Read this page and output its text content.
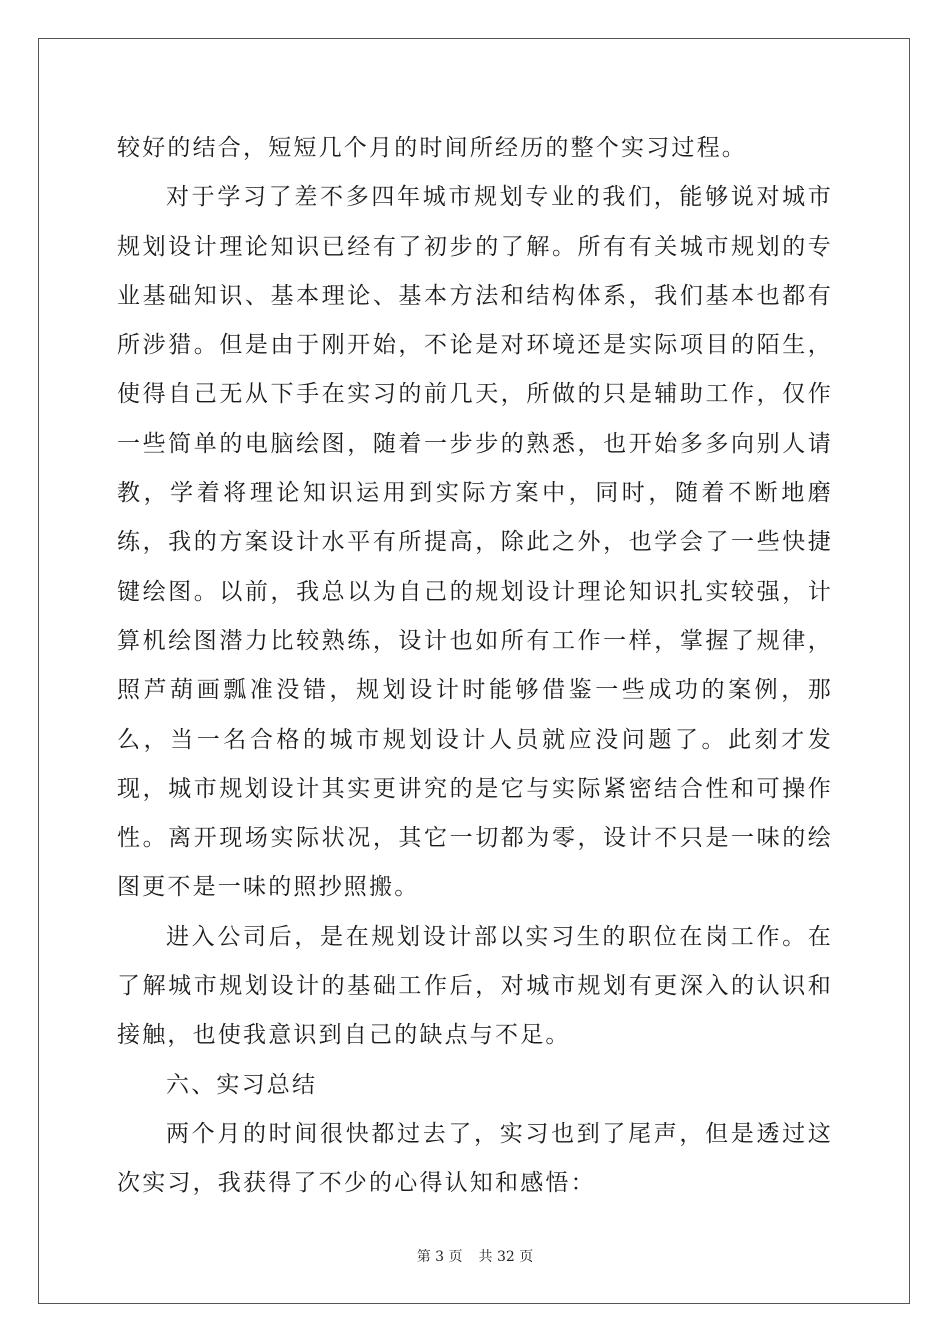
较好的结合，短短几个月的时间所经历的整个实习过程。

对于学习了差不多四年城市规划专业的我们，能够说对城市规划设计理论知识已经有了初步的了解。所有有关城市规划的专业基础知识、基本理论、基本方法和结构体系，我们基本也都有所涉猎。但是由于刚开始，不论是对环境还是实际项目的陌生，使得自己无从下手在实习的前几天，所做的只是辅助工作，仅作一些简单的电脑绘图，随着一步步的熟悉，也开始多多向别人请教，学着将理论知识运用到实际方案中，同时，随着不断地磨练，我的方案设计水平有所提高，除此之外，也学会了一些快捷键绘图。以前，我总以为自己的规划设计理论知识扎实较强，计算机绘图潜力比较熟练，设计也如所有工作一样，掌握了规律，照芦葫画瓢准没错，规划设计时能够借鉴一些成功的案例，那么，当一名合格的城市规划设计人员就应没问题了。此刻才发现，城市规划设计其实更讲究的是它与实际紧密结合性和可操作性。离开现场实际状况，其它一切都为零，设计不只是一味的绘图更不是一味的照抄照搬。

进入公司后，是在规划设计部以实习生的职位在岗工作。在了解城市规划设计的基础工作后，对城市规划有更深入的认识和接触，也使我意识到自己的缺点与不足。

六、实习总结

两个月的时间很快都过去了，实习也到了尾声，但是透过这次实习，我获得了不少的心得认知和感悟：

第 3 页 共 32 页
